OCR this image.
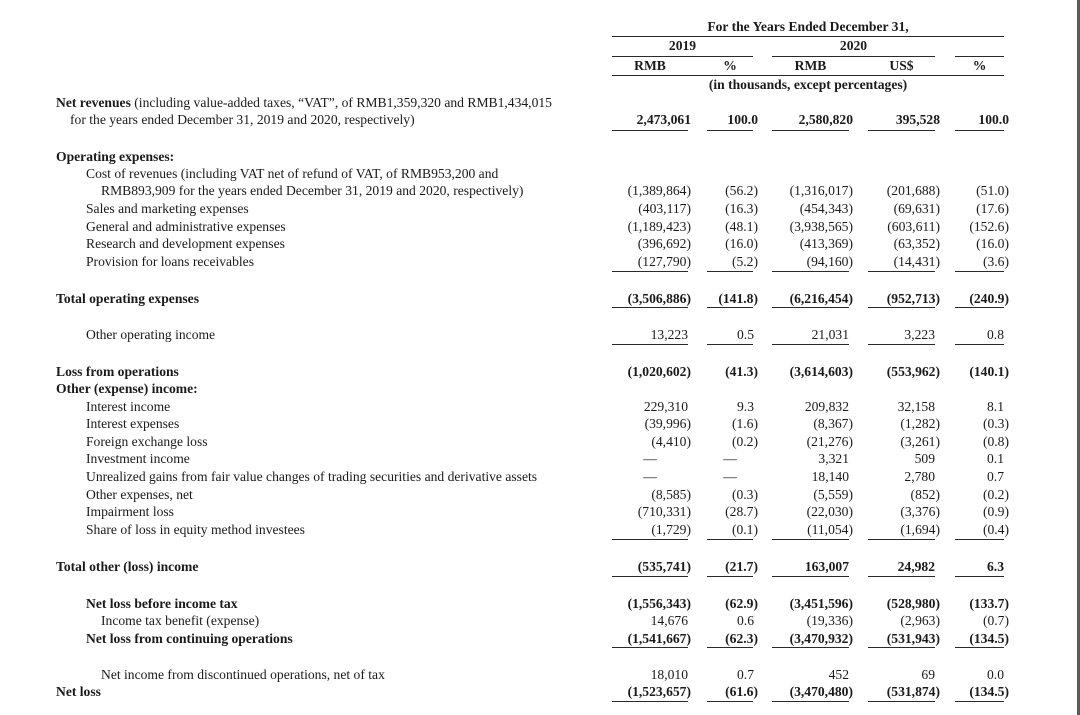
For the Years Ended December 31,
2019	2020
RMB	%	RMB	US$	%
(in thousands, except percentages)
Net revenues (including value-added taxes, “VAT”, of RMB1,359,320 and RMB1,434,015
for the years ended December 31, 2019 and 2020, respectively)	2,473,061	100.0	2,580,820	395,528	100.0
Operating expenses:
Cost of revenues (including VAT net of refund of VAT, of RMB953,200 and
RMB893,909 for the years ended December 31, 2019 and 2020, respectively)	(1,389,864)	(56.2)	(1,316,017)	(201,688)	(51.0)
Sales and marketing expenses	(403,117)	(16.3)	(454,343)	(69,631)	(17.6)
General and administrative expenses	(1,189,423)	(48.1)	(3,938,565)	(603,611)	(152.6)
Research and development expenses	(396,692)	(16.0)	(413,369)	(63,352)	(16.0)
Provision for loans receivables	(127,790)	(5.2)	(94,160)	(14,431)	(3.6)
Total operating expenses	(3,506,886)	(141.8)	(6,216,454)	(952,713)	(240.9)
Other operating income	13,223	0.5	21,031	3,223	0.8
Loss from operations	(1,020,602)	(41.3)	(3,614,603)	(553,962)	(140.1)
Other (expense) income:
Interest income	229,310	9.3	209,832	32,158	8.1
Interest expenses	(39,996)	(1.6)	(8,367)	(1,282)	(0.3)
Foreign exchange loss	(4,410)	(0.2)	(21,276)	(3,261)	(0.8)
Investment income	—	—	3,321	509	0.1
Unrealized gains from fair value changes of trading securities and derivative assets	—	—	18,140	2,780	0.7
Other expenses, net	(8,585)	(0.3)	(5,559)	(852)	(0.2)
Impairment loss	(710,331)	(28.7)	(22,030)	(3,376)	(0.9)
Share of loss in equity method investees	(1,729)	(0.1)	(11,054)	(1,694)	(0.4)
Total other (loss) income	(535,741)	(21.7)	163,007	24,982	6.3
Net loss before income tax	(1,556,343)	(62.9)	(3,451,596)	(528,980)	(133.7)
Income tax benefit (expense)	14,676	0.6	(19,336)	(2,963)	(0.7)
Net loss from continuing operations	(1,541,667)	(62.3)	(3,470,932)	(531,943)	(134.5)
Net income from discontinued operations, net of tax	18,010	0.7	452	69	0.0
Net loss	(1,523,657)	(61.6)	(3,470,480)	(531,874)	(134.5)
